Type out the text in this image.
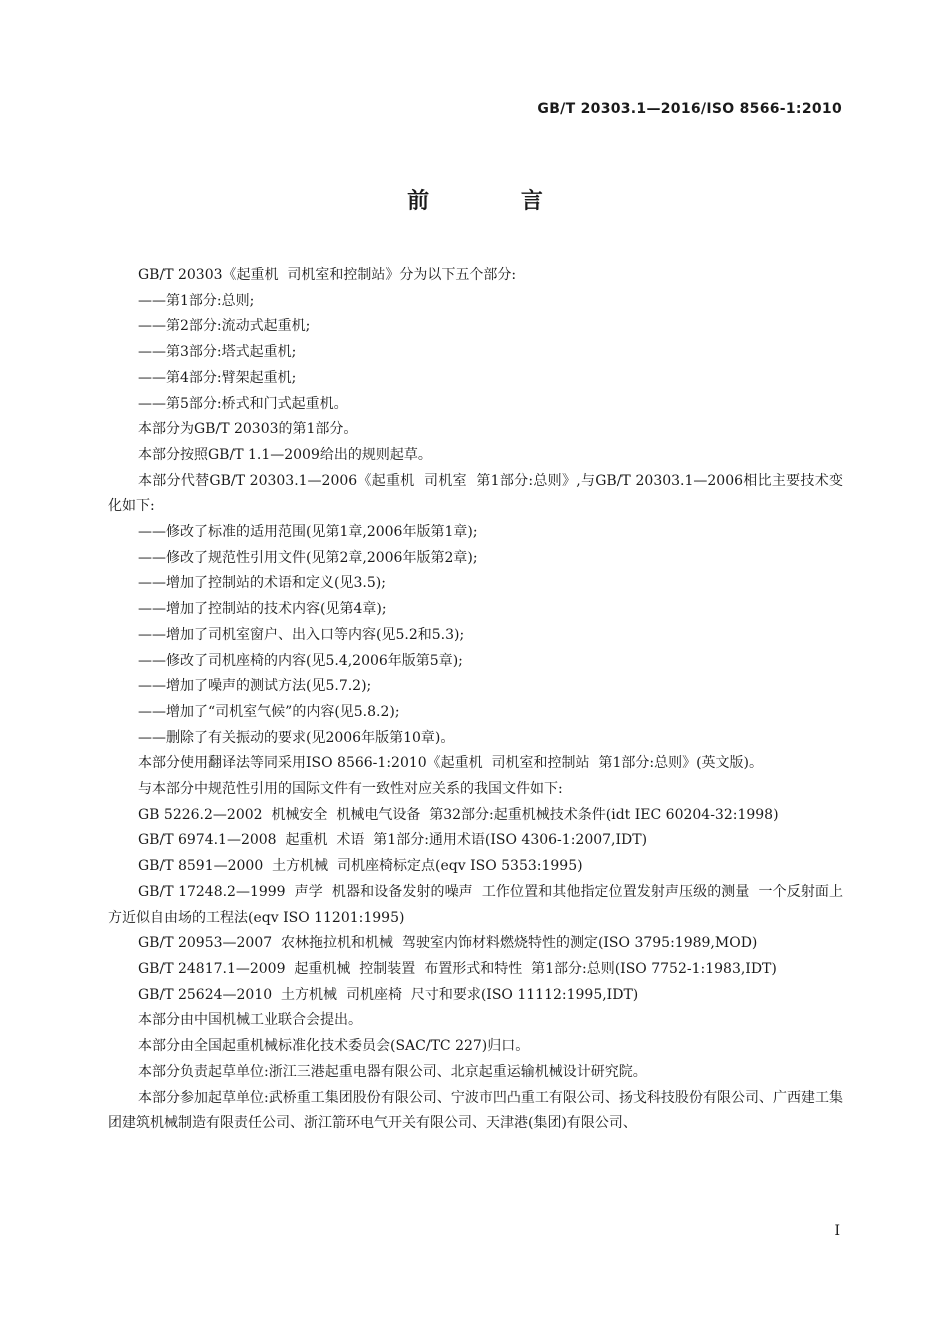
GB/T 20303.1—2016/ISO 8566-1:2010
前 言

GB/T 20303《起重机  司机室和控制站》分为以下五个部分:

——第1部分:总则;

——第2部分:流动式起重机;

——第3部分:塔式起重机;

——第4部分:臂架起重机;

——第5部分:桥式和门式起重机。

本部分为GB/T 20303的第1部分。

本部分按照GB/T 1.1—2009给出的规则起草。

本部分代替GB/T 20303.1—2006《起重机  司机室  第1部分:总则》,与GB/T 20303.1—2006相比主要技术变化如下:

——修改了标准的适用范围(见第1章,2006年版第1章);

——修改了规范性引用文件(见第2章,2006年版第2章);

——增加了控制站的术语和定义(见3.5);

——增加了控制站的技术内容(见第4章);

——增加了司机室窗户、出入口等内容(见5.2和5.3);

——修改了司机座椅的内容(见5.4,2006年版第5章);

——增加了噪声的测试方法(见5.7.2);

——增加了“司机室气候”的内容(见5.8.2);

——删除了有关振动的要求(见2006年版第10章)。

本部分使用翻译法等同采用ISO 8566-1:2010《起重机  司机室和控制站  第1部分:总则》(英文版)。

与本部分中规范性引用的国际文件有一致性对应关系的我国文件如下:

GB 5226.2—2002  机械安全  机械电气设备  第32部分:起重机械技术条件(idt IEC 60204-32:1998)

GB/T 6974.1—2008  起重机  术语  第1部分:通用术语(ISO 4306-1:2007,IDT)

GB/T 8591—2000  土方机械  司机座椅标定点(eqv ISO 5353:1995)

GB/T 17248.2—1999  声学  机器和设备发射的噪声  工作位置和其他指定位置发射声压级的测量  一个反射面上方近似自由场的工程法(eqv ISO 11201:1995)

GB/T 20953—2007  农林拖拉机和机械  驾驶室内饰材料燃烧特性的测定(ISO 3795:1989,MOD)

GB/T 24817.1—2009  起重机械  控制装置  布置形式和特性  第1部分:总则(ISO 7752-1:1983,IDT)

GB/T 25624—2010  土方机械  司机座椅  尺寸和要求(ISO 11112:1995,IDT)

本部分由中国机械工业联合会提出。

本部分由全国起重机械标准化技术委员会(SAC/TC 227)归口。

本部分负责起草单位:浙江三港起重电器有限公司、北京起重运输机械设计研究院。

本部分参加起草单位:武桥重工集团股份有限公司、宁波市凹凸重工有限公司、扬戈科技股份有限公司、广西建工集团建筑机械制造有限责任公司、浙江箭环电气开关有限公司、天津港(集团)有限公司、

I
